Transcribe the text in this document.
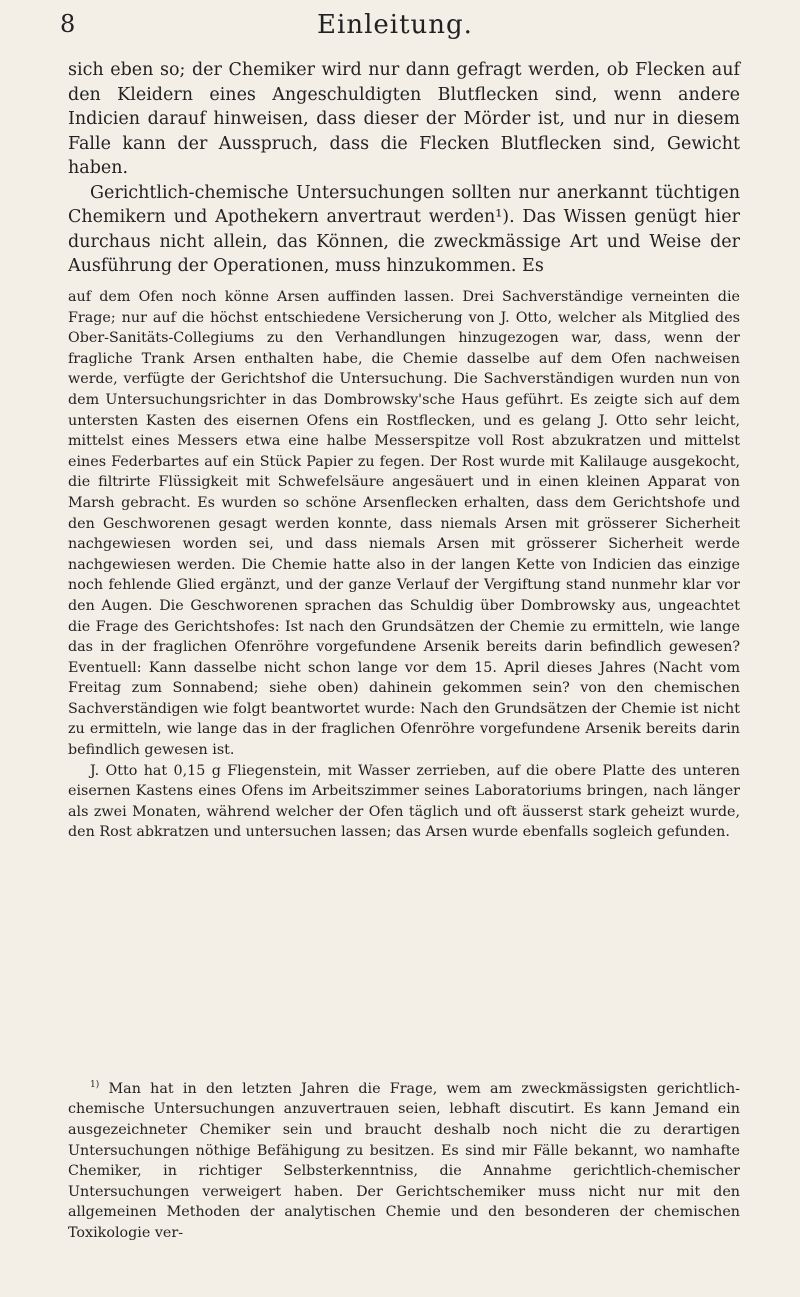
8	Einleitung.

sich eben so; der Chemiker wird nur dann gefragt werden, ob Flecken auf den Kleidern eines Angeschuldigten Blutflecken sind, wenn andere Indicien darauf hinweisen, dass dieser der Mörder ist, und nur in diesem Falle kann der Ausspruch, dass die Flecken Blutflecken sind, Gewicht haben.

Gerichtlich-chemische Untersuchungen sollten nur anerkannt tüchtigen Chemikern und Apothekern anvertraut werden¹). Das Wissen genügt hier durchaus nicht allein, das Können, die zweckmässige Art und Weise der Ausführung der Operationen, muss hinzukommen. Es

auf dem Ofen noch könne Arsen auffinden lassen. Drei Sachverständige verneinten die Frage; nur auf die höchst entschiedene Versicherung von J. Otto, welcher als Mitglied des Ober-Sanitäts-Collegiums zu den Verhandlungen hinzugezogen war, dass, wenn der fragliche Trank Arsen enthalten habe, die Chemie dasselbe auf dem Ofen nachweisen werde, verfügte der Gerichtshof die Untersuchung. Die Sachverständigen wurden nun von dem Untersuchungsrichter in das Dombrowsky'sche Haus geführt. Es zeigte sich auf dem untersten Kasten des eisernen Ofens ein Rostflecken, und es gelang J. Otto sehr leicht, mittelst eines Messers etwa eine halbe Messerspitze voll Rost abzukratzen und mittelst eines Federbartes auf ein Stück Papier zu fegen. Der Rost wurde mit Kalilauge ausgekocht, die filtrirte Flüssigkeit mit Schwefelsäure angesäuert und in einen kleinen Apparat von Marsh gebracht. Es wurden so schöne Arsenflecken erhalten, dass dem Gerichtshofe und den Geschworenen gesagt werden konnte, dass niemals Arsen mit grösserer Sicherheit nachgewiesen worden sei, und dass niemals Arsen mit grösserer Sicherheit werde nachgewiesen werden. Die Chemie hatte also in der langen Kette von Indicien das einzige noch fehlende Glied ergänzt, und der ganze Verlauf der Vergiftung stand nunmehr klar vor den Augen. Die Geschworenen sprachen das Schuldig über Dombrowsky aus, ungeachtet die Frage des Gerichtshofes: Ist nach den Grundsätzen der Chemie zu ermitteln, wie lange das in der fraglichen Ofenröhre vorgefundene Arsenik bereits darin befindlich gewesen? Eventuell: Kann dasselbe nicht schon lange vor dem 15. April dieses Jahres (Nacht vom Freitag zum Sonnabend; siehe oben) dahinein gekommen sein? von den chemischen Sachverständigen wie folgt beantwortet wurde: Nach den Grundsätzen der Chemie ist nicht zu ermitteln, wie lange das in der fraglichen Ofenröhre vorgefundene Arsenik bereits darin befindlich gewesen ist.

J. Otto hat 0,15 g Fliegenstein, mit Wasser zerrieben, auf die obere Platte des unteren eisernen Kastens eines Ofens im Arbeitszimmer seines Laboratoriums bringen, nach länger als zwei Monaten, während welcher der Ofen täglich und oft äusserst stark geheizt wurde, den Rost abkratzen und untersuchen lassen; das Arsen wurde ebenfalls sogleich gefunden.

$^{1)}$ Man hat in den letzten Jahren die Frage, wem am zweckmässigsten gerichtlich-chemische Untersuchungen anzuvertrauen seien, lebhaft discutirt. Es kann Jemand ein ausgezeichneter Chemiker sein und braucht deshalb noch nicht die zu derartigen Untersuchungen nöthige Befähigung zu besitzen. Es sind mir Fälle bekannt, wo namhafte Chemiker, in richtiger Selbsterkenntniss, die Annahme gerichtlich-chemischer Untersuchungen verweigert haben. Der Gerichtschemiker muss nicht nur mit den allgemeinen Methoden der analytischen Chemie und den besonderen der chemischen Toxikologie ver-
